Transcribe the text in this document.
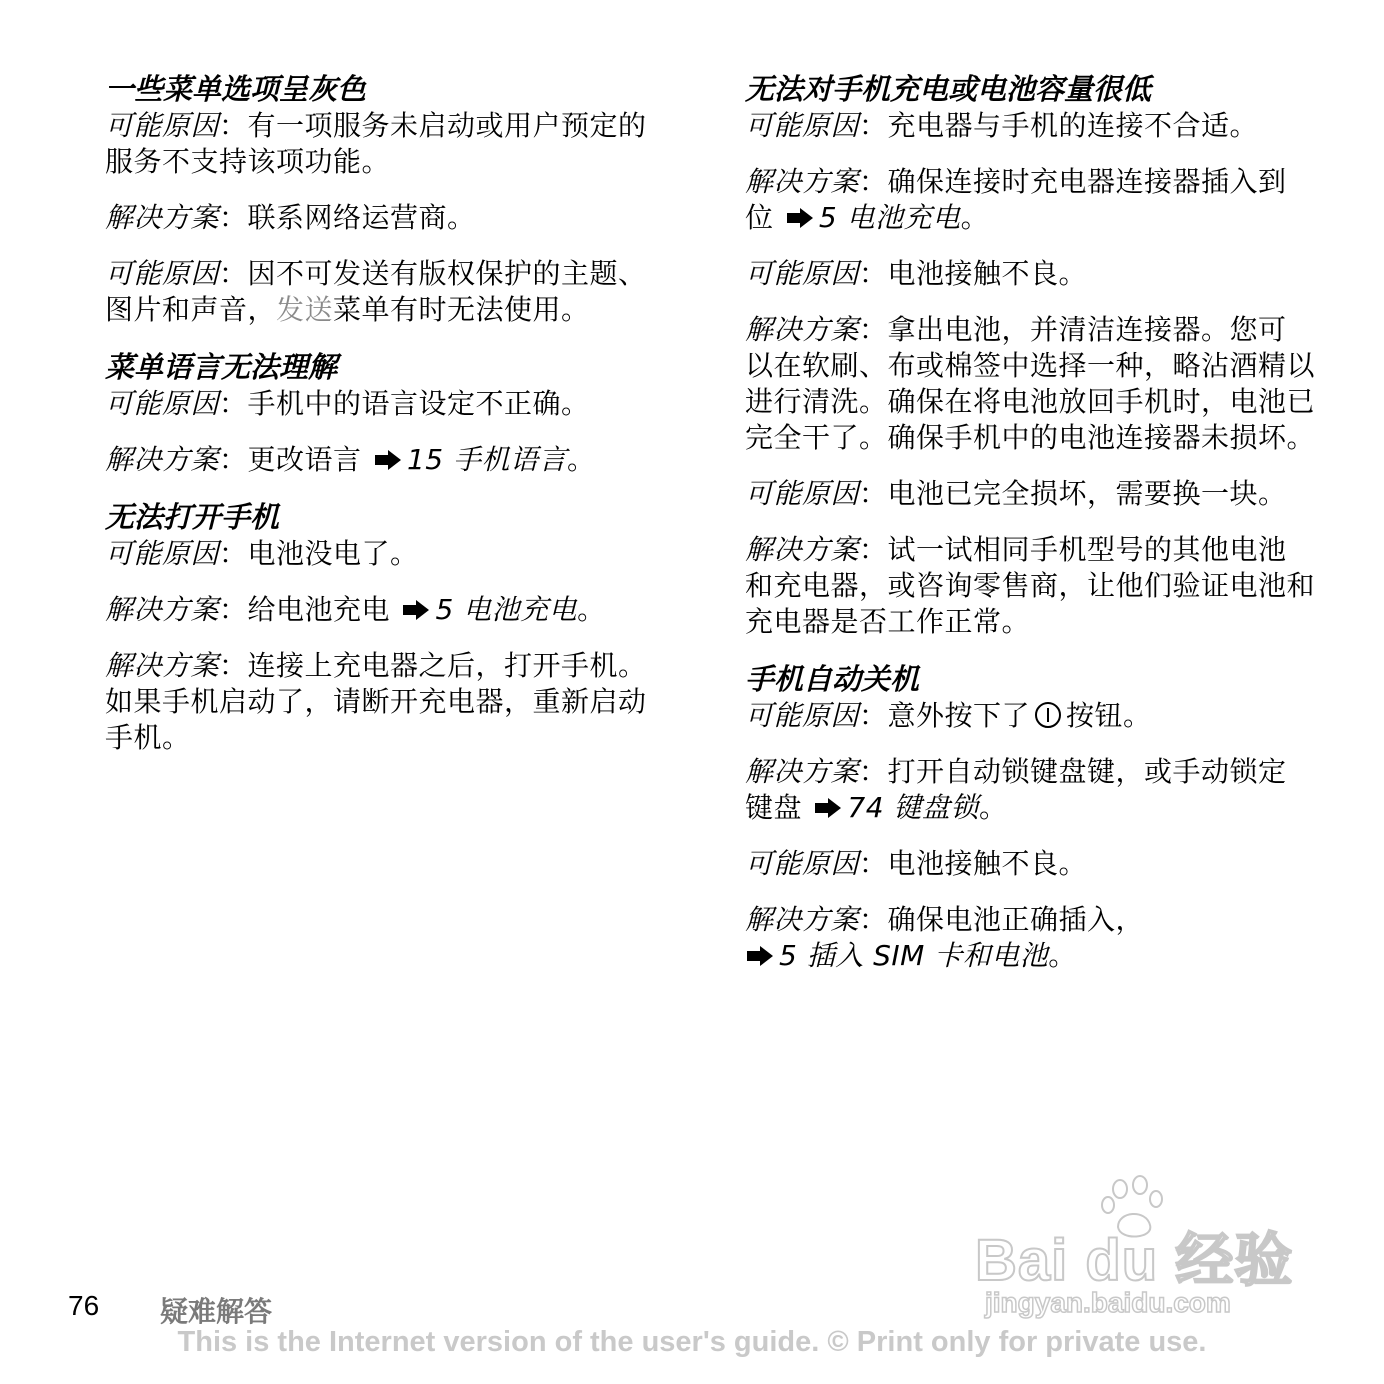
一些菜单选项呈灰色

可能原因：有一项服务未启动或用户预定的服务不支持该项功能。

解决方案：联系网络运营商。

可能原因：因不可发送有版权保护的主题、图片和声音，发送菜单有时无法使用。

菜单语言无法理解

可能原因：手机中的语言设定不正确。

解决方案：更改语言 15 手机语言。

无法打开手机

可能原因：电池没电了。

解决方案：给电池充电 5 电池充电。

解决方案：连接上充电器之后，打开手机。如果手机启动了，请断开充电器，重新启动手机。

无法对手机充电或电池容量很低

可能原因：充电器与手机的连接不合适。

解决方案：确保连接时充电器连接器插入到位 5 电池充电。

可能原因：电池接触不良。

解决方案：拿出电池，并清洁连接器。您可以在软刷、布或棉签中选择一种，略沾酒精以进行清洗。确保在将电池放回手机时，电池已完全干了。确保手机中的电池连接器未损坏。

可能原因：电池已完全损坏，需要换一块。

解决方案：试一试相同手机型号的其他电池和充电器，或咨询零售商，让他们验证电池和充电器是否工作正常。

手机自动关机

可能原因：意外按下了 按钮。

解决方案：打开自动锁键盘键，或手动锁定键盘 74 键盘锁。

可能原因：电池接触不良。

解决方案：确保电池正确插入，
5 插入 SIM 卡和电池。

Bai du 经验
jingyan.baidu.com
76 疑难解答
This is the Internet version of the user's guide. © Print only for private use.
